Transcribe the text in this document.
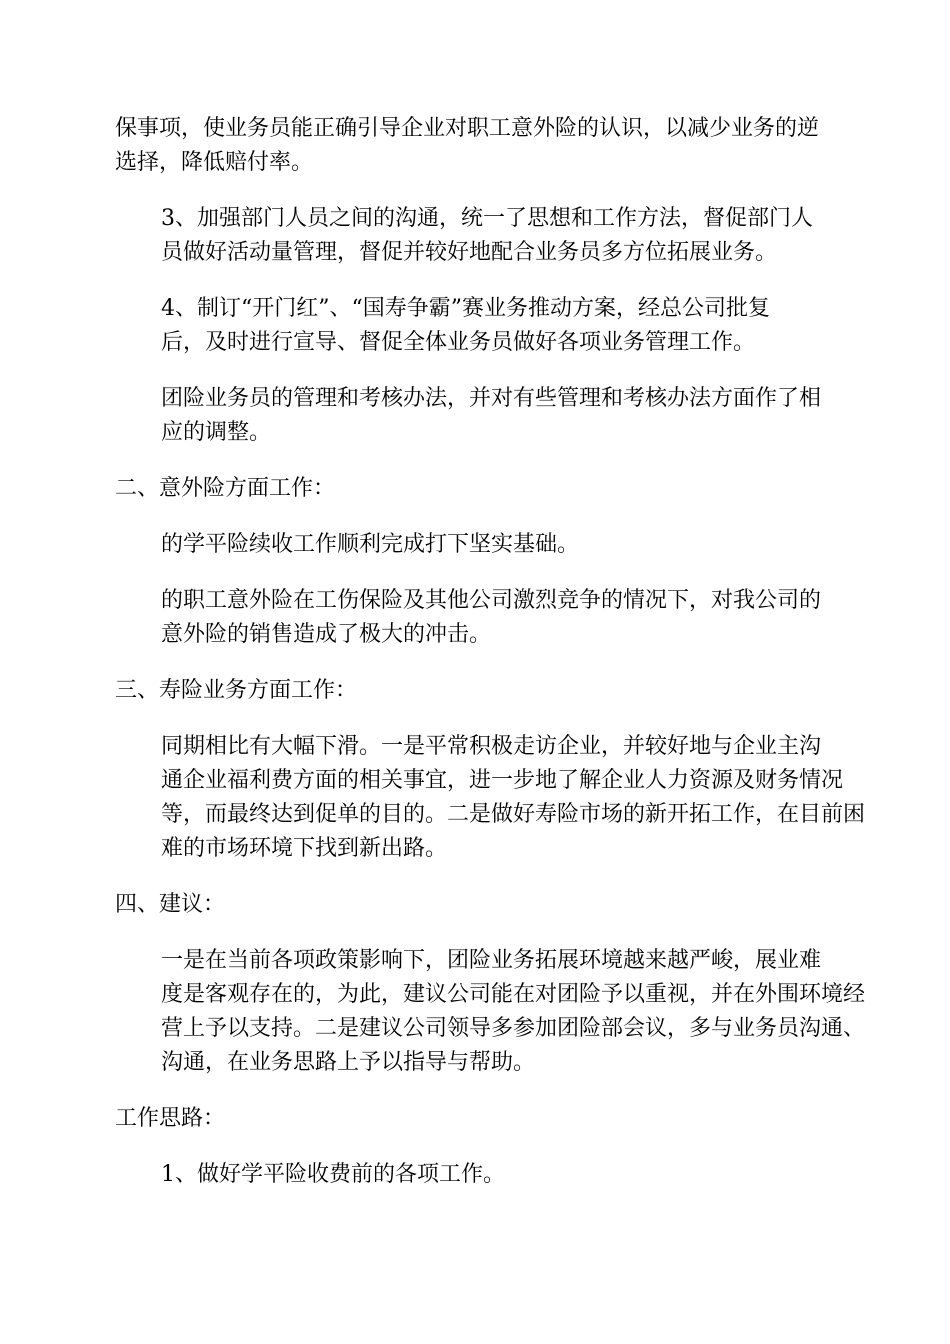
保事项，使业务员能正确引导企业对职工意外险的认识，以减少业务的逆
选择，降低赔付率。

3、加强部门人员之间的沟通，统一了思想和工作方法，督促部门人
员做好活动量管理，督促并较好地配合业务员多方位拓展业务。

4、制订“开门红”、“国寿争霸”赛业务推动方案，经总公司批复
后，及时进行宣导、督促全体业务员做好各项业务管理工作。

团险业务员的管理和考核办法，并对有些管理和考核办法方面作了相
应的调整。

二、意外险方面工作：

的学平险续收工作顺利完成打下坚实基础。

的职工意外险在工伤保险及其他公司激烈竞争的情况下，对我公司的
意外险的销售造成了极大的冲击。

三、寿险业务方面工作：

同期相比有大幅下滑。一是平常积极走访企业，并较好地与企业主沟
通企业福利费方面的相关事宜，进一步地了解企业人力资源及财务情况
等，而最终达到促单的目的。二是做好寿险市场的新开拓工作，在目前困
难的市场环境下找到新出路。

四、建议：

一是在当前各项政策影响下，团险业务拓展环境越来越严峻，展业难
度是客观存在的，为此，建议公司能在对团险予以重视，并在外围环境经
营上予以支持。二是建议公司领导多参加团险部会议，多与业务员沟通、
沟通，在业务思路上予以指导与帮助。

工作思路：

1、做好学平险收费前的各项工作。
